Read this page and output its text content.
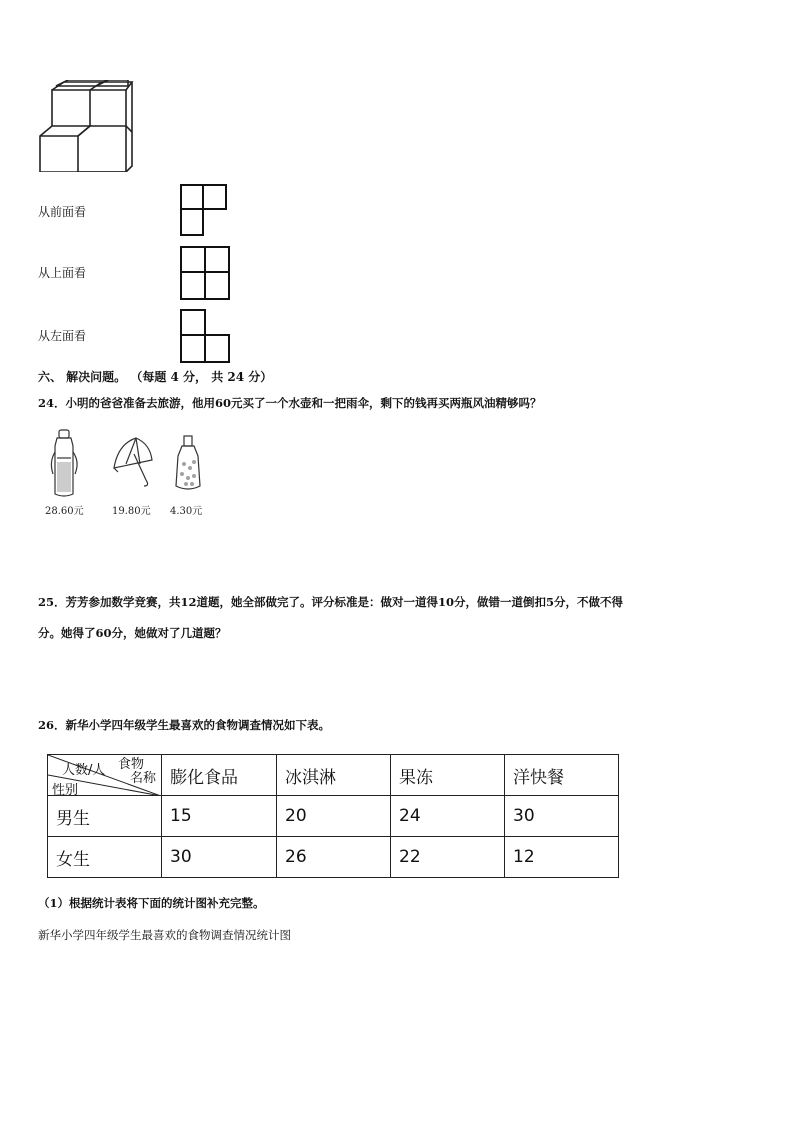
从前面看
从上面看
从左面看
六、 解决问题。 （每题 4 分， 共 24 分）
24．小明的爸爸准备去旅游，他用60元买了一个水壶和一把雨伞，剩下的钱再买两瓶风油精够吗？
28.60元	19.80元 4.30元
25．芳芳参加数学竞赛，共12道题，她全部做完了。评分标准是：做对一道得10分，做错一道倒扣5分，不做不得
分。她得了60分，她做对了几道题？
26．新华小学四年级学生最喜欢的食物调查情况如下表。
食物
人数/人
名称
性别	膨化食品	冰淇淋	果冻	洋快餐
男生	15	20	24	30
女生	30	26	22	12
（1）根据统计表将下面的统计图补充完整。
新华小学四年级学生最喜欢的食物调查情况统计图
